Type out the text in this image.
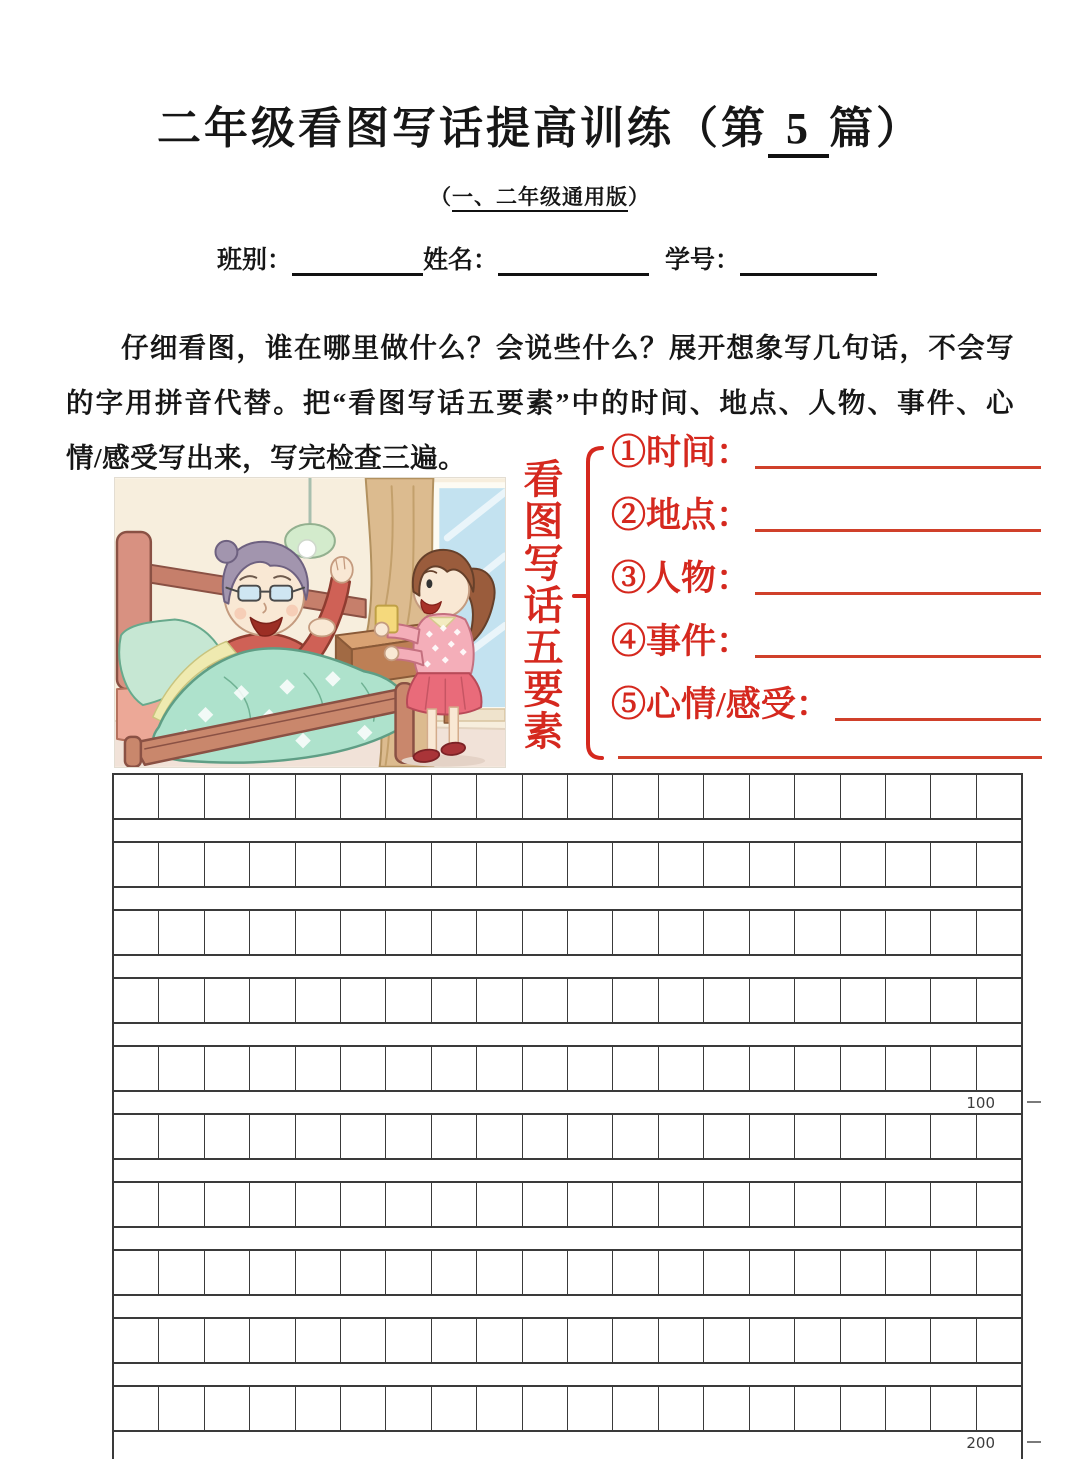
二年级看图写话提高训练（第 5 篇）
（一、二年级通用版）
班别：	姓名：	学号：
仔细看图，谁在哪里做什么？会说些什么？展开想象写几句话，不会写
的字用拼音代替。把“看图写话五要素”中的时间、地点、人物、事件、心
情/感受写出来，写完检查三遍。
看图写话五要素
①时间：
②地点：
③人物：
④事件：
⑤心情/感受：
100
200
